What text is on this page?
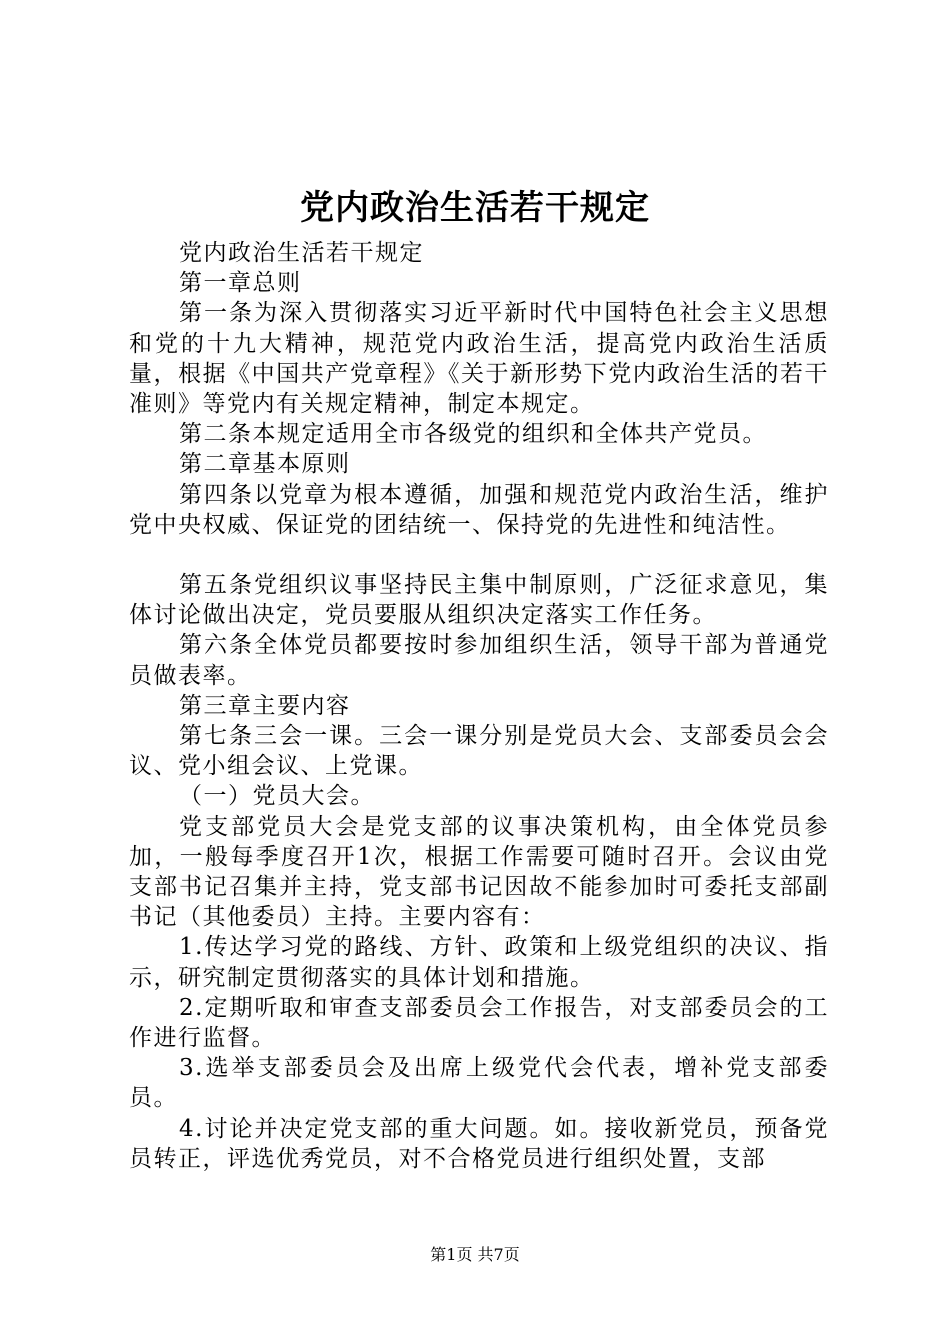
党内政治生活若干规定

党内政治生活若干规定

第一章总则

第一条为深入贯彻落实习近平新时代中国特色社会主义思想和党的十九大精神，规范党内政治生活，提高党内政治生活质量，根据《中国共产党章程》《关于新形势下党内政治生活的若干准则》等党内有关规定精神，制定本规定。

第二条本规定适用全市各级党的组织和全体共产党员。

第二章基本原则

第四条以党章为根本遵循，加强和规范党内政治生活，维护党中央权威、保证党的团结统一、保持党的先进性和纯洁性。

第五条党组织议事坚持民主集中制原则，广泛征求意见，集体讨论做出决定，党员要服从组织决定落实工作任务。

第六条全体党员都要按时参加组织生活，领导干部为普通党员做表率。

第三章主要内容

第七条三会一课。三会一课分别是党员大会、支部委员会会议、党小组会议、上党课。

（一）党员大会。

党支部党员大会是党支部的议事决策机构，由全体党员参加，一般每季度召开1次，根据工作需要可随时召开。会议由党支部书记召集并主持，党支部书记因故不能参加时可委托支部副书记（其他委员）主持。主要内容有：

1.传达学习党的路线、方针、政策和上级党组织的决议、指示，研究制定贯彻落实的具体计划和措施。

2.定期听取和审查支部委员会工作报告，对支部委员会的工作进行监督。

3.选举支部委员会及出席上级党代会代表，增补党支部委员。

4.讨论并决定党支部的重大问题。如。接收新党员，预备党员转正，评选优秀党员，对不合格党员进行组织处置，支部

第1页 共7页
